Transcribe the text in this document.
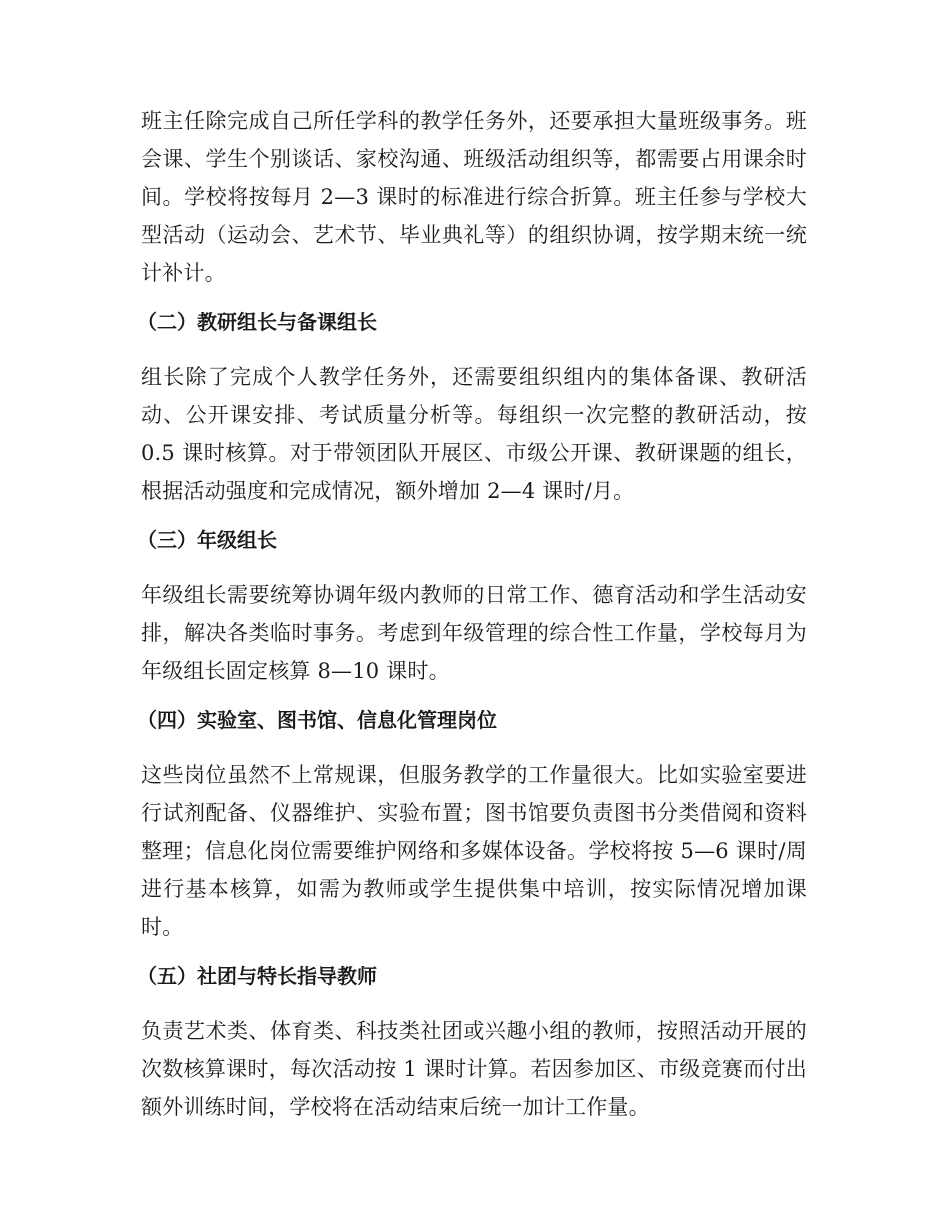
班主任除完成自己所任学科的教学任务外，还要承担大量班级事务。班会课、学生个别谈话、家校沟通、班级活动组织等，都需要占用课余时间。学校将按每月 2—3 课时的标准进行综合折算。班主任参与学校大型活动（运动会、艺术节、毕业典礼等）的组织协调，按学期末统一统计补计。

（二）教研组长与备课组长

组长除了完成个人教学任务外，还需要组织组内的集体备课、教研活动、公开课安排、考试质量分析等。每组织一次完整的教研活动，按 0.5 课时核算。对于带领团队开展区、市级公开课、教研课题的组长，根据活动强度和完成情况，额外增加 2—4 课时/月。

（三）年级组长

年级组长需要统筹协调年级内教师的日常工作、德育活动和学生活动安排，解决各类临时事务。考虑到年级管理的综合性工作量，学校每月为年级组长固定核算 8—10 课时。

（四）实验室、图书馆、信息化管理岗位

这些岗位虽然不上常规课，但服务教学的工作量很大。比如实验室要进行试剂配备、仪器维护、实验布置；图书馆要负责图书分类借阅和资料整理；信息化岗位需要维护网络和多媒体设备。学校将按 5—6 课时/周进行基本核算，如需为教师或学生提供集中培训，按实际情况增加课时。

（五）社团与特长指导教师

负责艺术类、体育类、科技类社团或兴趣小组的教师，按照活动开展的次数核算课时，每次活动按 1 课时计算。若因参加区、市级竞赛而付出额外训练时间，学校将在活动结束后统一加计工作量。
